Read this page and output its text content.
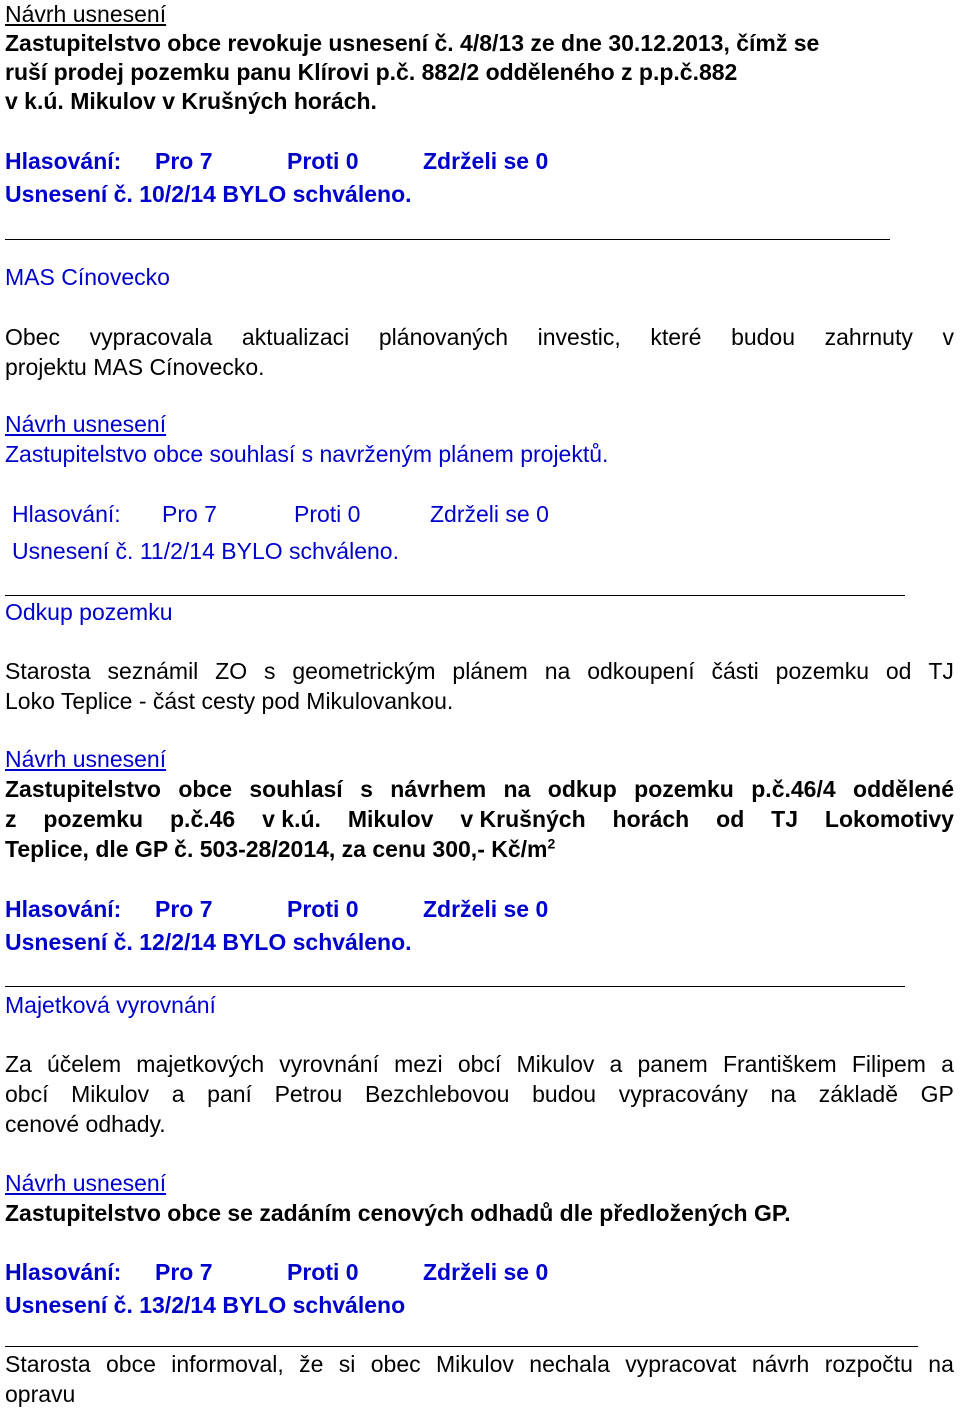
Návrh usnesení
Zastupitelstvo obce revokuje usnesení č. 4/8/13 ze dne 30.12.2013, čímž se
ruší prodej pozemku panu Klírovi p.č. 882/2 odděleného z p.p.č.882
v k.ú. Mikulov v Krušných horách.
Hlasování:	Pro 7	Proti 0	Zdrželi se 0
Usnesení č. 10/2/14 BYLO schváleno.
MAS Cínovecko
Obec vypracovala aktualizaci plánovaných investic, které budou zahrnuty v
projektu MAS Cínovecko.
Návrh usnesení
Zastupitelstvo obce souhlasí s navrženým plánem projektů.
Hlasování:	Pro 7	Proti 0	Zdrželi se 0
Usnesení č. 11/2/14 BYLO schváleno.
Odkup pozemku
Starosta seznámil ZO s geometrickým plánem na odkoupení části pozemku od TJ
Loko Teplice - část cesty pod Mikulovankou.
Návrh usnesení
Zastupitelstvo obce souhlasí s návrhem na odkup pozemku p.č.46/4 oddělené
z pozemku p.č.46 v k.ú. Mikulov v Krušných horách od TJ Lokomotivy
Teplice, dle GP č. 503-28/2014, za cenu 300,- $Kč/m^2$
Hlasování:	Pro 7	Proti 0	Zdrželi se 0
Usnesení č. 12/2/14 BYLO schváleno.
Majetková vyrovnání
Za účelem majetkových vyrovnání mezi obcí Mikulov a panem Františkem Filipem a
obcí Mikulov a paní Petrou Bezchlebovou budou vypracovány na základě GP
cenové odhady.
Návrh usnesení
Zastupitelstvo obce se zadáním cenových odhadů dle předložených GP.
Hlasování:	Pro 7	Proti 0	Zdrželi se 0
Usnesení č. 13/2/14 BYLO schváleno
Starosta obce informoval, že si obec Mikulov nechala vypracovat návrh rozpočtu na
opravu
